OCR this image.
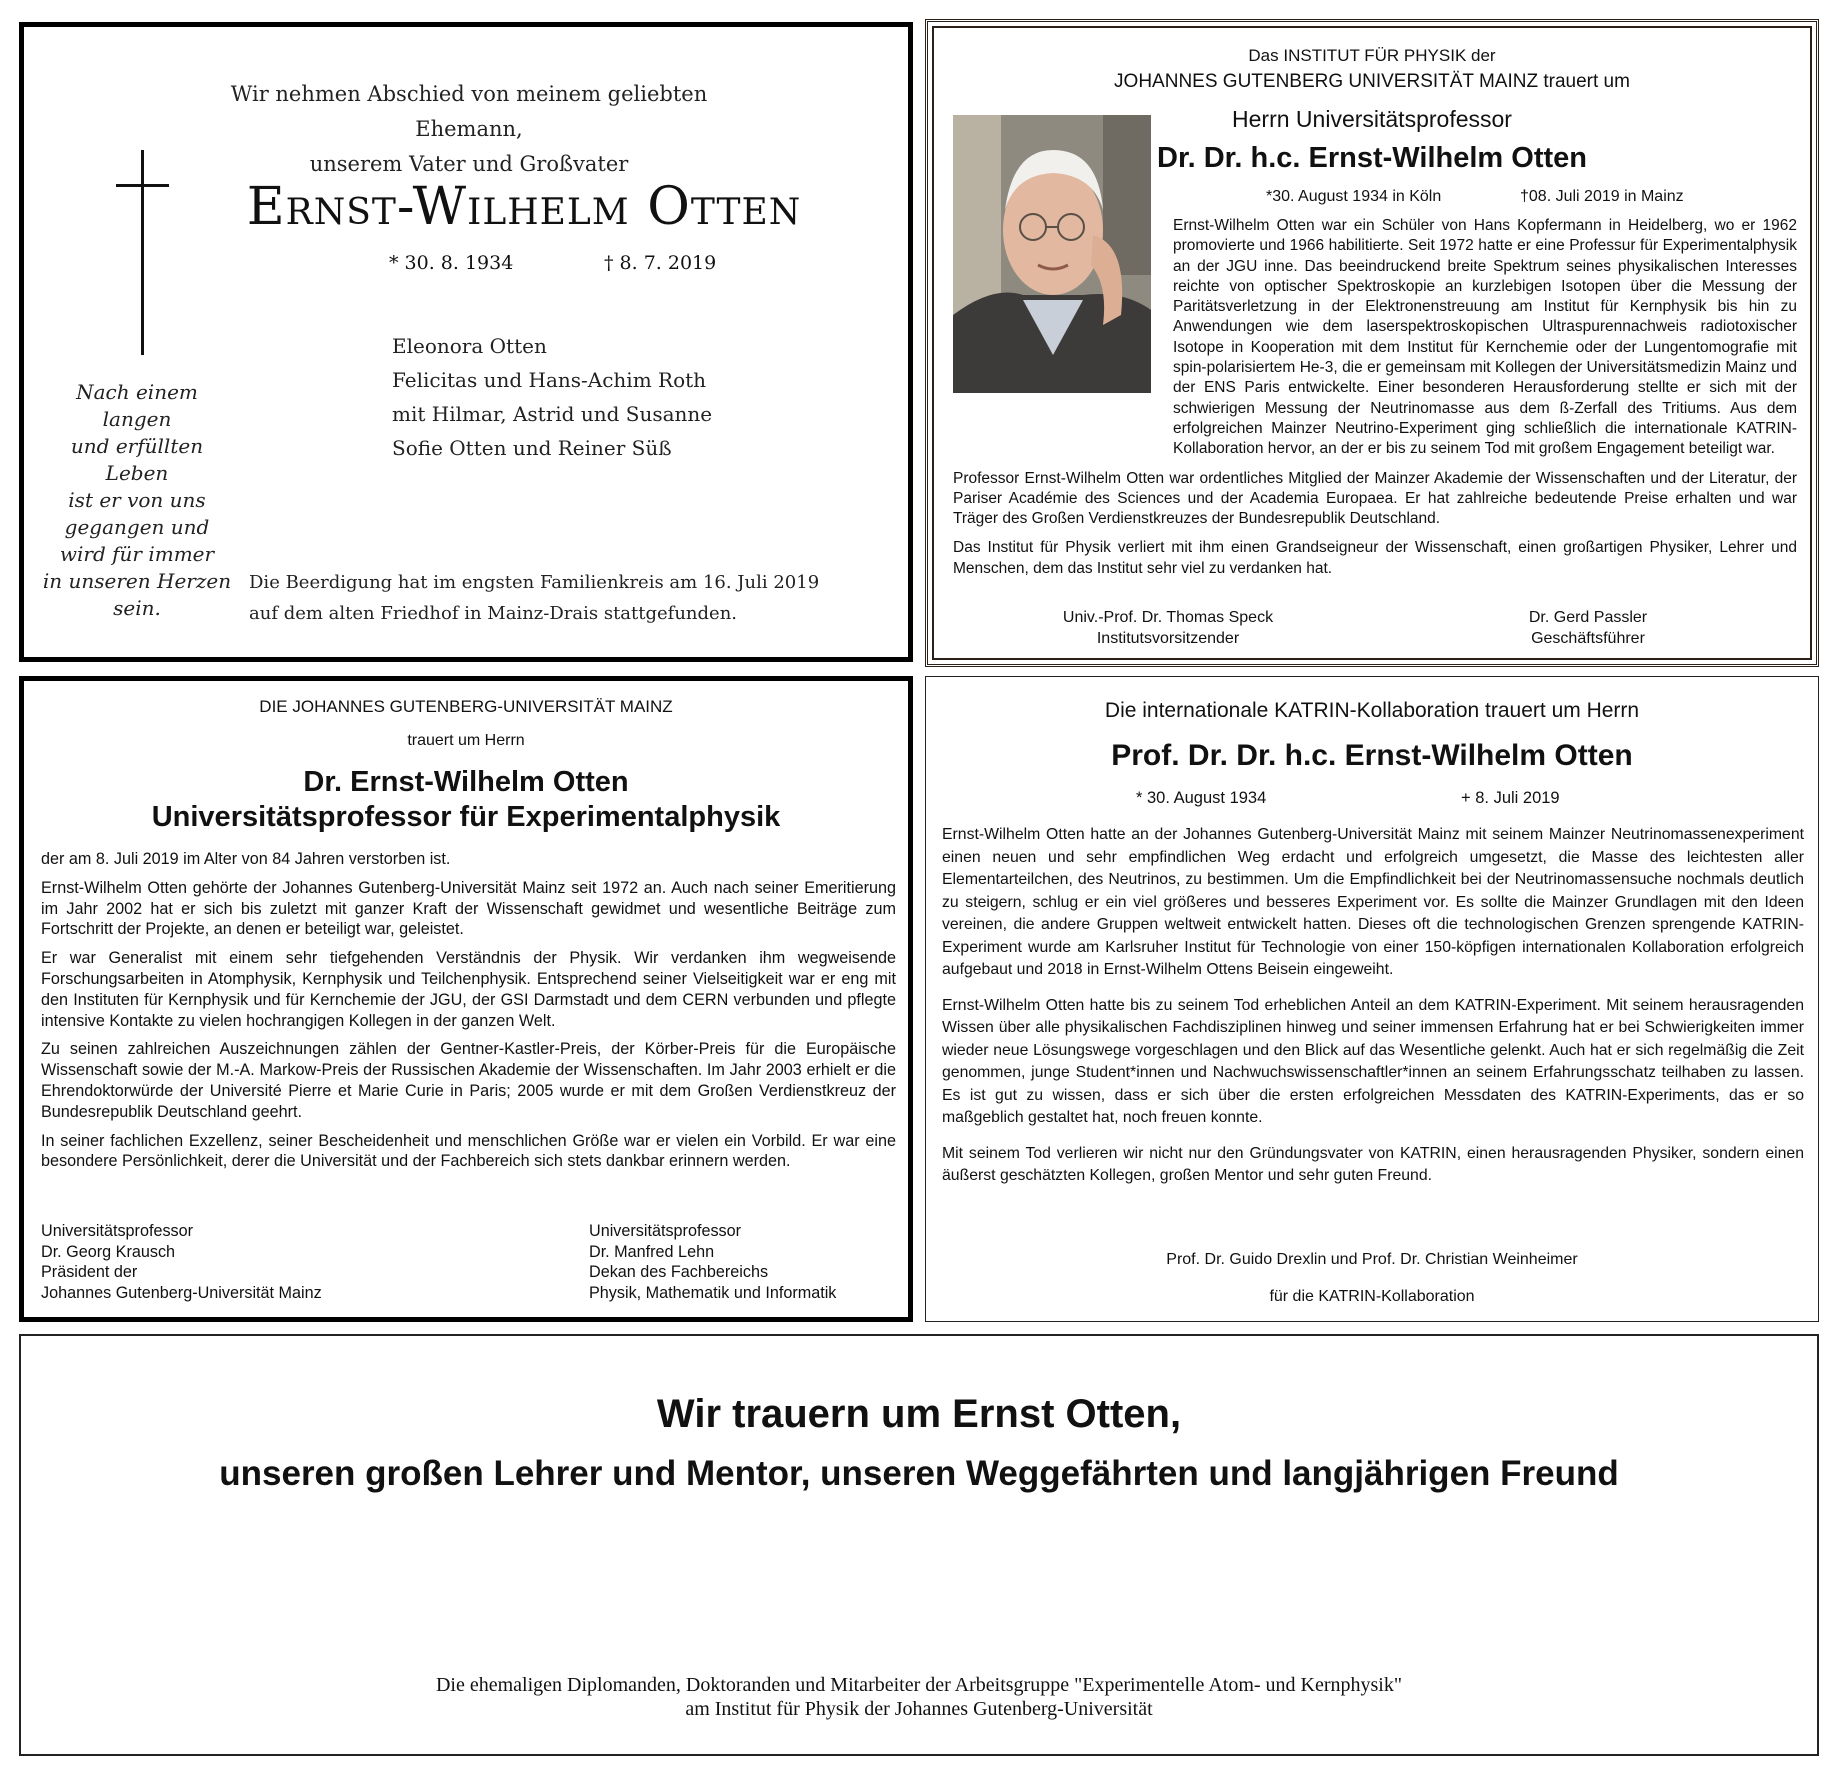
Wir nehmen Abschied von meinem geliebten Ehemann,
unserem Vater und Großvater
Ernst-Wilhelm Otten
* 30. 8. 1934	† 8. 7. 2019
Nach einem langen
und erfüllten Leben
ist er von uns
gegangen und
wird für immer
in unseren Herzen
sein.
Eleonora Otten
Felicitas und Hans-Achim Roth
mit Hilmar, Astrid und Susanne
Sofie Otten und Reiner Süß
Die Beerdigung hat im engsten Familienkreis am 16. Juli 2019
auf dem alten Friedhof in Mainz-Drais stattgefunden.
Das INSTITUT FÜR PHYSIK der
JOHANNES GUTENBERG UNIVERSITÄT MAINZ trauert um
Herrn Universitätsprofessor
Dr. Dr. h.c. Ernst-Wilhelm Otten
*30. August 1934 in Köln	†08. Juli 2019 in Mainz
Ernst-Wilhelm Otten war ein Schüler von Hans Kopfermann in Heidelberg, wo er 1962 promovierte und 1966 habilitierte. Seit 1972 hatte er eine Professur für Experimentalphysik an der JGU inne. Das beeindruckend breite Spektrum seines physikalischen Interesses reichte von optischer Spektroskopie an kurzlebigen Isotopen über die Messung der Paritätsverletzung in der Elektronenstreuung am Institut für Kernphysik bis hin zu Anwendungen wie dem laserspektroskopischen Ultraspurennachweis radiotoxischer Isotope in Kooperation mit dem Institut für Kernchemie oder der Lungentomografie mit spin-polarisiertem He-3, die er gemeinsam mit Kollegen der Universitätsmedizin Mainz und der ENS Paris entwickelte. Einer besonderen Herausforderung stellte er sich mit der schwierigen Messung der Neutrinomasse aus dem ß-Zerfall des Tritiums. Aus dem erfolgreichen Mainzer Neutrino-Experiment ging schließlich die internationale KATRIN-Kollaboration hervor, an der er bis zu seinem Tod mit großem Engagement beteiligt war.

Professor Ernst-Wilhelm Otten war ordentliches Mitglied der Mainzer Akademie der Wissenschaften und der Literatur, der Pariser Académie des Sciences und der Academia Europaea. Er hat zahlreiche bedeutende Preise erhalten und war Träger des Großen Verdienstkreuzes der Bundesrepublik Deutschland.

Das Institut für Physik verliert mit ihm einen Grandseigneur der Wissenschaft, einen großartigen Physiker, Lehrer und Menschen, dem das Institut sehr viel zu verdanken hat.

Univ.-Prof. Dr. Thomas Speck
Institutsvorsitzender
Dr. Gerd Passler
Geschäftsführer
DIE JOHANNES GUTENBERG-UNIVERSITÄT MAINZ
trauert um Herrn
Dr. Ernst-Wilhelm Otten
Universitätsprofessor für Experimentalphysik

der am 8. Juli 2019 im Alter von 84 Jahren verstorben ist.

Ernst-Wilhelm Otten gehörte der Johannes Gutenberg-Universität Mainz seit 1972 an. Auch nach seiner Emeritierung im Jahr 2002 hat er sich bis zuletzt mit ganzer Kraft der Wissenschaft gewidmet und wesentliche Beiträge zum Fortschritt der Projekte, an denen er beteiligt war, geleistet.

Er war Generalist mit einem sehr tiefgehenden Verständnis der Physik. Wir verdanken ihm wegweisende Forschungsarbeiten in Atomphysik, Kernphysik und Teilchenphysik. Entsprechend seiner Vielseitigkeit war er eng mit den Instituten für Kernphysik und für Kernchemie der JGU, der GSI Darmstadt und dem CERN verbunden und pflegte intensive Kontakte zu vielen hochrangigen Kollegen in der ganzen Welt.

Zu seinen zahlreichen Auszeichnungen zählen der Gentner-Kastler-Preis, der Körber-Preis für die Europäische Wissenschaft sowie der M.-A. Markow-Preis der Russischen Akademie der Wissenschaften. Im Jahr 2003 erhielt er die Ehrendoktorwürde der Université Pierre et Marie Curie in Paris; 2005 wurde er mit dem Großen Verdienstkreuz der Bundesrepublik Deutschland geehrt.

In seiner fachlichen Exzellenz, seiner Bescheidenheit und menschlichen Größe war er vielen ein Vorbild. Er war eine besondere Persönlichkeit, derer die Universität und der Fachbereich sich stets dankbar erinnern werden.

Universitätsprofessor
Dr. Georg Krausch
Präsident der
Johannes Gutenberg-Universität Mainz
Universitätsprofessor
Dr. Manfred Lehn
Dekan des Fachbereichs
Physik, Mathematik und Informatik
Die internationale KATRIN-Kollaboration trauert um Herrn
Prof. Dr. Dr. h.c. Ernst-Wilhelm Otten
* 30. August 1934	+ 8. Juli 2019

Ernst-Wilhelm Otten hatte an der Johannes Gutenberg-Universität Mainz mit seinem Mainzer Neutrinomassenexperiment einen neuen und sehr empfindlichen Weg erdacht und erfolgreich umgesetzt, die Masse des leichtesten aller Elementarteilchen, des Neutrinos, zu bestimmen. Um die Empfindlichkeit bei der Neutrinomassensuche nochmals deutlich zu steigern, schlug er ein viel größeres und besseres Experiment vor. Es sollte die Mainzer Grundlagen mit den Ideen vereinen, die andere Gruppen weltweit entwickelt hatten. Dieses oft die technologischen Grenzen sprengende KATRIN-Experiment wurde am Karlsruher Institut für Technologie von einer 150-köpfigen internationalen Kollaboration erfolgreich aufgebaut und 2018 in Ernst-Wilhelm Ottens Beisein eingeweiht.

Ernst-Wilhelm Otten hatte bis zu seinem Tod erheblichen Anteil an dem KATRIN-Experiment. Mit seinem herausragenden Wissen über alle physikalischen Fachdisziplinen hinweg und seiner immensen Erfahrung hat er bei Schwierigkeiten immer wieder neue Lösungswege vorgeschlagen und den Blick auf das Wesentliche gelenkt. Auch hat er sich regelmäßig die Zeit genommen, junge Student*innen und Nachwuchswissenschaftler*innen an seinem Erfahrungsschatz teilhaben zu lassen. Es ist gut zu wissen, dass er sich über die ersten erfolgreichen Messdaten des KATRIN-Experiments, das er so maßgeblich gestaltet hat, noch freuen konnte.

Mit seinem Tod verlieren wir nicht nur den Gründungsvater von KATRIN, einen herausragenden Physiker, sondern einen äußerst geschätzten Kollegen, großen Mentor und sehr guten Freund.

Prof. Dr. Guido Drexlin und Prof. Dr. Christian Weinheimer
für die KATRIN-Kollaboration
Wir trauern um Ernst Otten,
unseren großen Lehrer und Mentor, unseren Weggefährten und langjährigen Freund
Die ehemaligen Diplomanden, Doktoranden und Mitarbeiter der Arbeitsgruppe "Experimentelle Atom- und Kernphysik"
am Institut für Physik der Johannes Gutenberg-Universität
